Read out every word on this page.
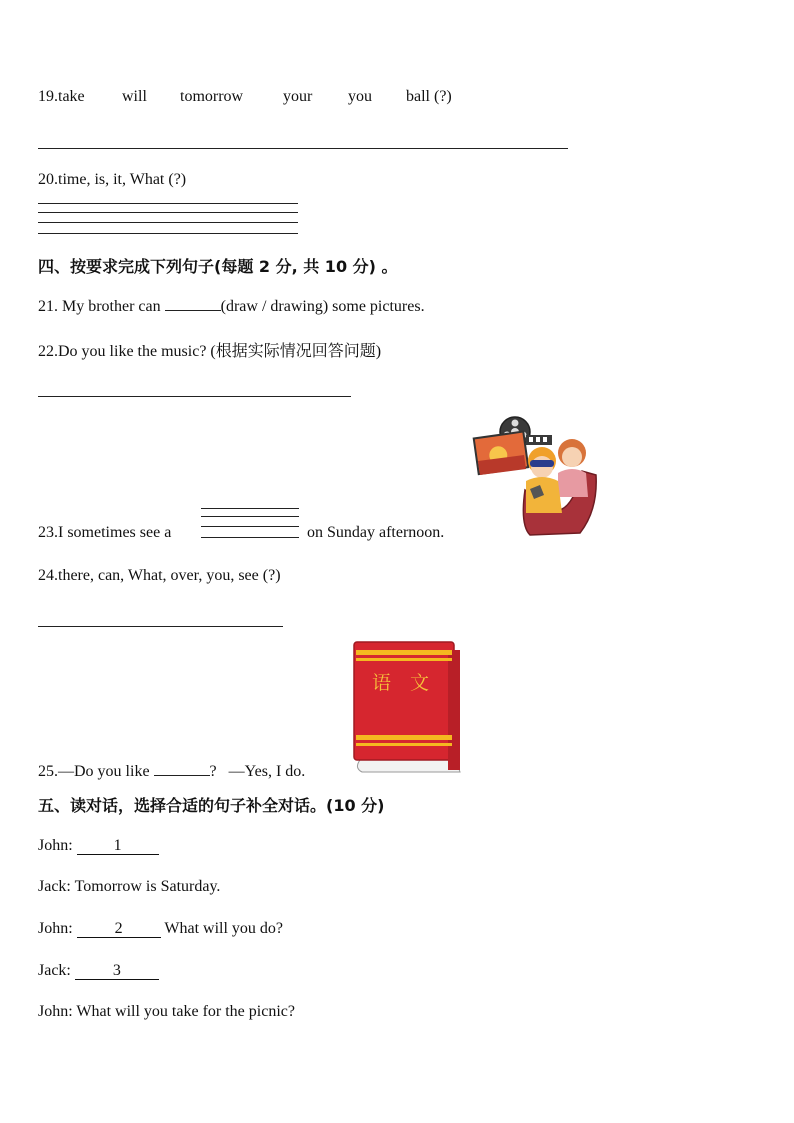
19.take will tomorrow your you ball (?)
20.time, is, it, What (?)
四、按要求完成下列句子(每题 2 分, 共 10 分) 。
21. My brother can	(draw / drawing) some pictures.
22.Do you like the music? (根据实际情况回答问题)
23.I sometimes see a	on Sunday afternoon.
24.there, can, What, over, you, see (?)
语　文
25.—Do you like	? —Yes, I do.
五、读对话，选择合适的句子补全对话。(10 分)
John:	1
Jack: Tomorrow is Saturday.
John:	2	What will you do?
Jack:	3
John: What will you take for the picnic?
